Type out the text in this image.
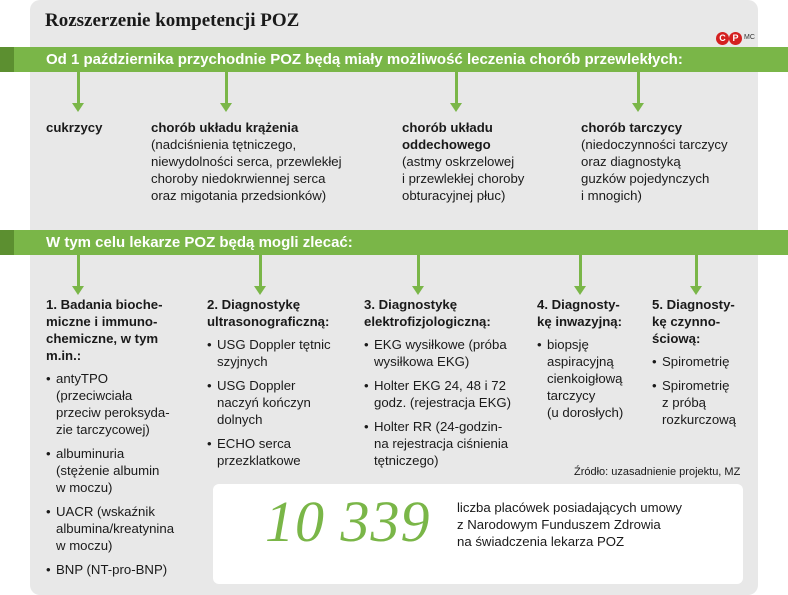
Rozszerzenie kompetencji POZ
C P MC
Od 1 października przychodnie POZ będą miały możliwość leczenia chorób przewlekłych:
cukrzycy	chorób układu krążenia
(nadciśnienia tętniczego,
niewydolności serca, przewlekłej
choroby niedokrwiennej serca
oraz migotania przedsionków)
chorób układu
oddechowego
(astmy oskrzelowej
i przewlekłej choroby
obturacyjnej płuc)
chorób tarczycy
(niedoczynności tarczycy
oraz diagnostyką
guzków pojedynczych
i mnogich)
W tym celu lekarze POZ będą mogli zlecać:
1. Badania bioche-
miczne i immuno-
chemiczne, w tym
m.in.:
• antyTPO
(przeciwciała
przeciw peroksyda-
zie tarczycowej)
• albuminuria
(stężenie albumin
w moczu)
• UACR (wskaźnik
albumina/kreatynina
w moczu)
• BNP (NT-pro-BNP)
2. Diagnostykę
ultrasonograficzną:
• USG Doppler tętnic
szyjnych
• USG Doppler
naczyń kończyn
dolnych
• ECHO serca
przezklatkowe
3. Diagnostykę
elektrofizjologiczną:
• EKG wysiłkowe (próba
wysiłkowa EKG)
• Holter EKG 24, 48 i 72
godz. (rejestracja EKG)
• Holter RR (24-godzin-
na rejestracja ciśnienia
tętniczego)
4. Diagnosty-
kę inwazyjną:
• biopsję
aspiracyjną
cienkoigłową
tarczycy
(u dorosłych)
5. Diagnosty-
kę czynno-
ściową:
• Spirometrię
• Spirometrię
z próbą
rozkurczową
Źródło: uzasadnienie projektu, MZ
10 339 liczba placówek posiadających umowy
z Narodowym Funduszem Zdrowia
na świadczenia lekarza POZ
